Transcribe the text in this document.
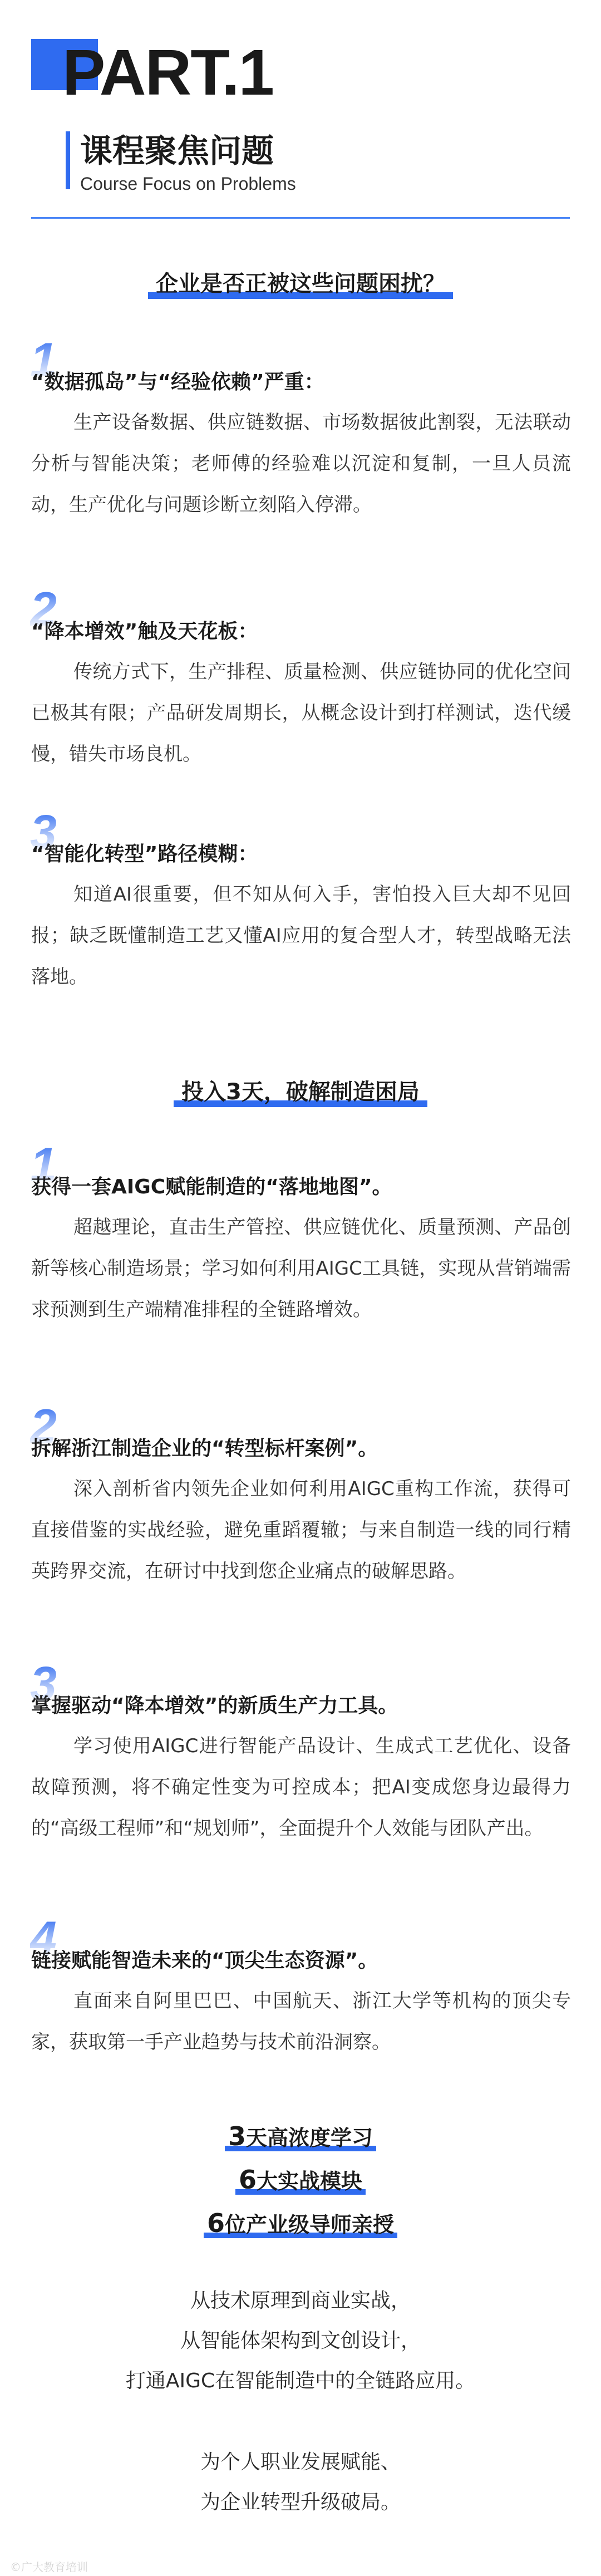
PART.1
课程聚焦问题
Course Focus on Problems
企业是否正被这些问题困扰？
1
“数据孤岛”与“经验依赖”严重：

生产设备数据、供应链数据、市场数据彼此割裂，无法联动分析与智能决策；老师傅的经验难以沉淀和复制，一旦人员流动，生产优化与问题诊断立刻陷入停滞。

2
“降本增效”触及天花板：

传统方式下，生产排程、质量检测、供应链协同的优化空间已极其有限；产品研发周期长，从概念设计到打样测试，迭代缓慢，错失市场良机。

3
“智能化转型”路径模糊：

知道AI很重要，但不知从何入手，害怕投入巨大却不见回报；缺乏既懂制造工艺又懂AI应用的复合型人才，转型战略无法落地。

投入3天，破解制造困局
1
获得一套AIGC赋能制造的“落地地图”。

超越理论，直击生产管控、供应链优化、质量预测、产品创新等核心制造场景；学习如何利用AIGC工具链，实现从营销端需求预测到生产端精准排程的全链路增效。

2
拆解浙江制造企业的“转型标杆案例”。

深入剖析省内领先企业如何利用AIGC重构工作流，获得可直接借鉴的实战经验，避免重蹈覆辙；与来自制造一线的同行精英跨界交流，在研讨中找到您企业痛点的破解思路。

3
掌握驱动“降本增效”的新质生产力工具。

学习使用AIGC进行智能产品设计、生成式工艺优化、设备故障预测，将不确定性变为可控成本；把AI变成您身边最得力的“高级工程师”和“规划师”，全面提升个人效能与团队产出。

4
链接赋能智造未来的“顶尖生态资源”。

直面来自阿里巴巴、中国航天、浙江大学等机构的顶尖专家，获取第一手产业趋势与技术前沿洞察。

3天高浓度学习
6大实战模块
6位产业级导师亲授
从技术原理到商业实战，
从智能体架构到文创设计，
打通AIGC在智能制造中的全链路应用。
为个人职业发展赋能、
为企业转型升级破局。
©广大教育培训
